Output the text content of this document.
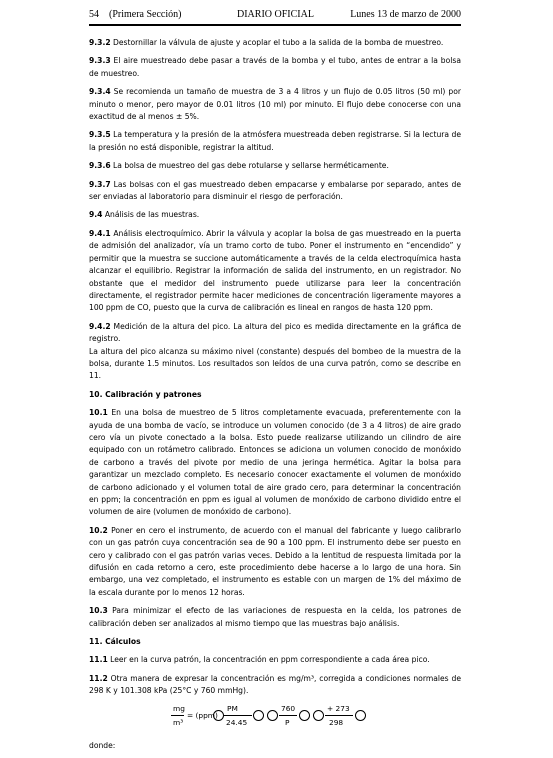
54 (Primera Sección)	DIARIO OFICIAL	Lunes 13 de marzo de 2000

9.3.2 Destornillar la válvula de ajuste y acoplar el tubo a la salida de la bomba de muestreo.

9.3.3 El aire muestreado debe pasar a través de la bomba y el tubo, antes de entrar a la bolsa de muestreo.

9.3.4 Se recomienda un tamaño de muestra de 3 a 4 litros y un flujo de 0.05 litros (50 ml) por minuto o menor, pero mayor de 0.01 litros (10 ml) por minuto. El flujo debe conocerse con una exactitud de al menos ± 5%.

9.3.5 La temperatura y la presión de la atmósfera muestreada deben registrarse. Si la lectura de la presión no está disponible, registrar la altitud.

9.3.6 La bolsa de muestreo del gas debe rotularse y sellarse herméticamente.

9.3.7 Las bolsas con el gas muestreado deben empacarse y embalarse por separado, antes de ser enviadas al laboratorio para disminuir el riesgo de perforación.

9.4 Análisis de las muestras.

9.4.1 Análisis electroquímico. Abrir la válvula y acoplar la bolsa de gas muestreado en la puerta de admisión del analizador, vía un tramo corto de tubo. Poner el instrumento en “encendido” y permitir que la muestra se succione automáticamente a través de la celda electroquímica hasta alcanzar el equilibrio. Registrar la información de salida del instrumento, en un registrador. No obstante que el medidor del instrumento puede utilizarse para leer la concentración directamente, el registrador permite hacer mediciones de concentración ligeramente mayores a 100 ppm de CO, puesto que la curva de calibración es lineal en rangos de hasta 120 ppm.

9.4.2 Medición de la altura del pico. La altura del pico es medida directamente en la gráfica de registro.

La altura del pico alcanza su máximo nivel (constante) después del bombeo de la muestra de la bolsa, durante 1.5 minutos. Los resultados son leídos de una curva patrón, como se describe en 11.

10. Calibración y patrones

10.1 En una bolsa de muestreo de 5 litros completamente evacuada, preferentemente con la ayuda de una bomba de vacío, se introduce un volumen conocido (de 3 a 4 litros) de aire grado cero vía un pivote conectado a la bolsa. Esto puede realizarse utilizando un cilindro de aire equipado con un rotámetro calibrado. Entonces se adiciona un volumen conocido de monóxido de carbono a través del pivote por medio de una jeringa hermética. Agitar la bolsa para garantizar un mezclado completo. Es necesario conocer exactamente el volumen de monóxido de carbono adicionado y el volumen total de aire grado cero, para determinar la concentración en ppm; la concentración en ppm es igual al volumen de monóxido de carbono dividido entre el volumen de aire (volumen de monóxido de carbono).

10.2 Poner en cero el instrumento, de acuerdo con el manual del fabricante y luego calibrarlo con un gas patrón cuya concentración sea de 90 a 100 ppm. El instrumento debe ser puesto en cero y calibrado con el gas patrón varias veces. Debido a la lentitud de respuesta limitada por la difusión en cada retorno a cero, este procedimiento debe hacerse a lo largo de una hora. Sin embargo, una vez completado, el instrumento es estable con un margen de 1% del máximo de la escala durante por lo menos 12 horas.

10.3 Para minimizar el efecto de las variaciones de respuesta en la celda, los patrones de calibración deben ser analizados al mismo tiempo que las muestras bajo análisis.

11. Cálculos

11.1 Leer en la curva patrón, la concentración en ppm correspondiente a cada área pico.

11.2 Otra manera de expresar la concentración es mg/m³, corregida a condiciones normales de 298 K y 101.308 kPa (25°C y 760 mmHg).

mg
m³
= (ppm)
PM
24.45
760
P
+ 273
298

donde:
